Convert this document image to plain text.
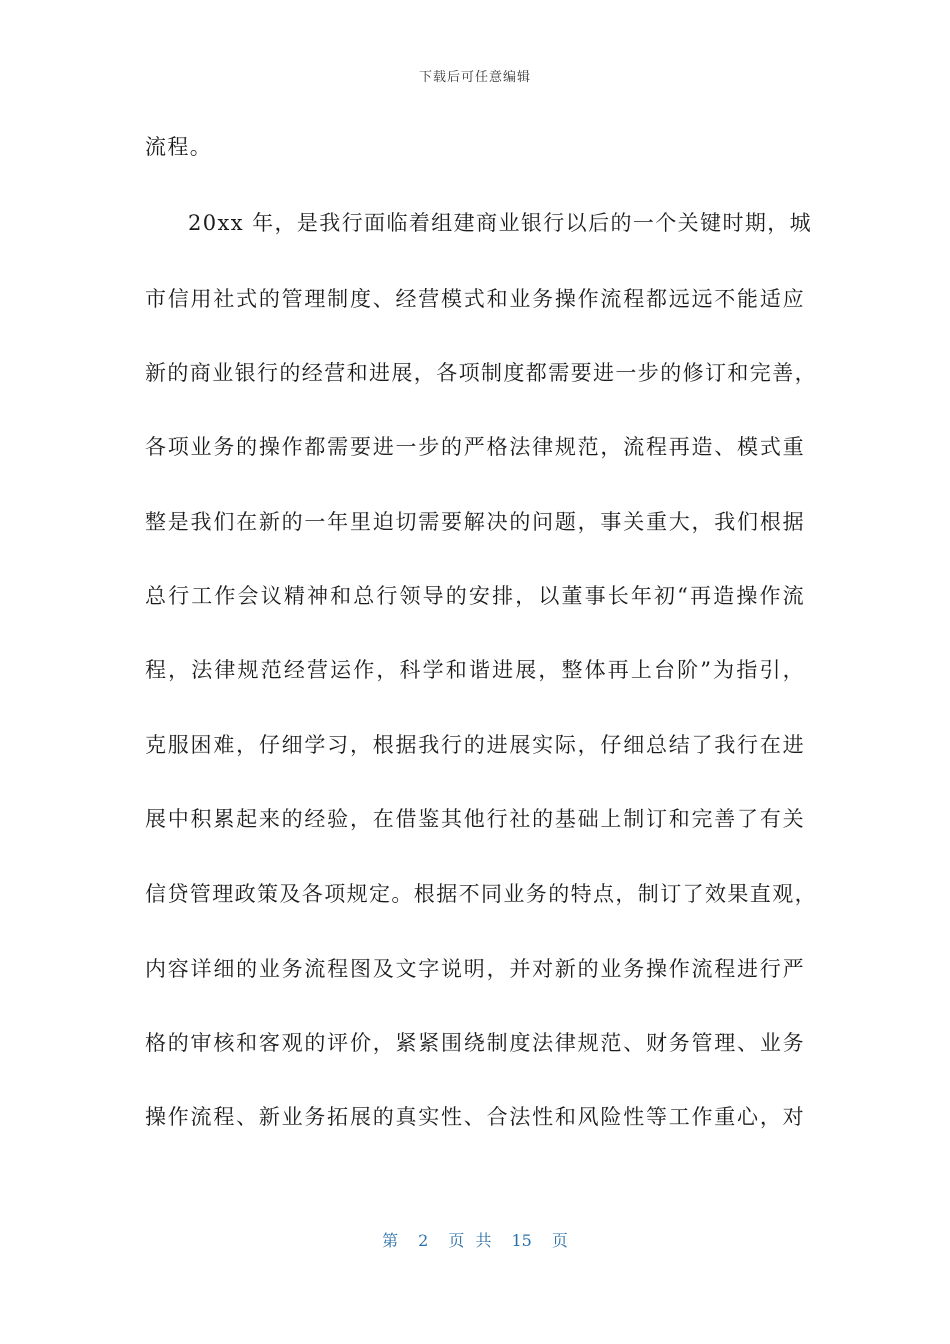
下载后可任意编辑
流程。
20xx 年，是我行面临着组建商业银行以后的一个关键时期，城
市信用社式的管理制度、经营模式和业务操作流程都远远不能适应
新的商业银行的经营和进展，各项制度都需要进一步的修订和完善，
各项业务的操作都需要进一步的严格法律规范，流程再造、模式重
整是我们在新的一年里迫切需要解决的问题，事关重大，我们根据
总行工作会议精神和总行领导的安排，以董事长年初“再造操作流
程，法律规范经营运作，科学和谐进展，整体再上台阶”为指引，
克服困难，仔细学习，根据我行的进展实际，仔细总结了我行在进
展中积累起来的经验，在借鉴其他行社的基础上制订和完善了有关
信贷管理政策及各项规定。根据不同业务的特点，制订了效果直观，
内容详细的业务流程图及文字说明，并对新的业务操作流程进行严
格的审核和客观的评价，紧紧围绕制度法律规范、财务管理、业务
操作流程、新业务拓展的真实性、合法性和风险性等工作重心，对
第 2 页 共 15 页
